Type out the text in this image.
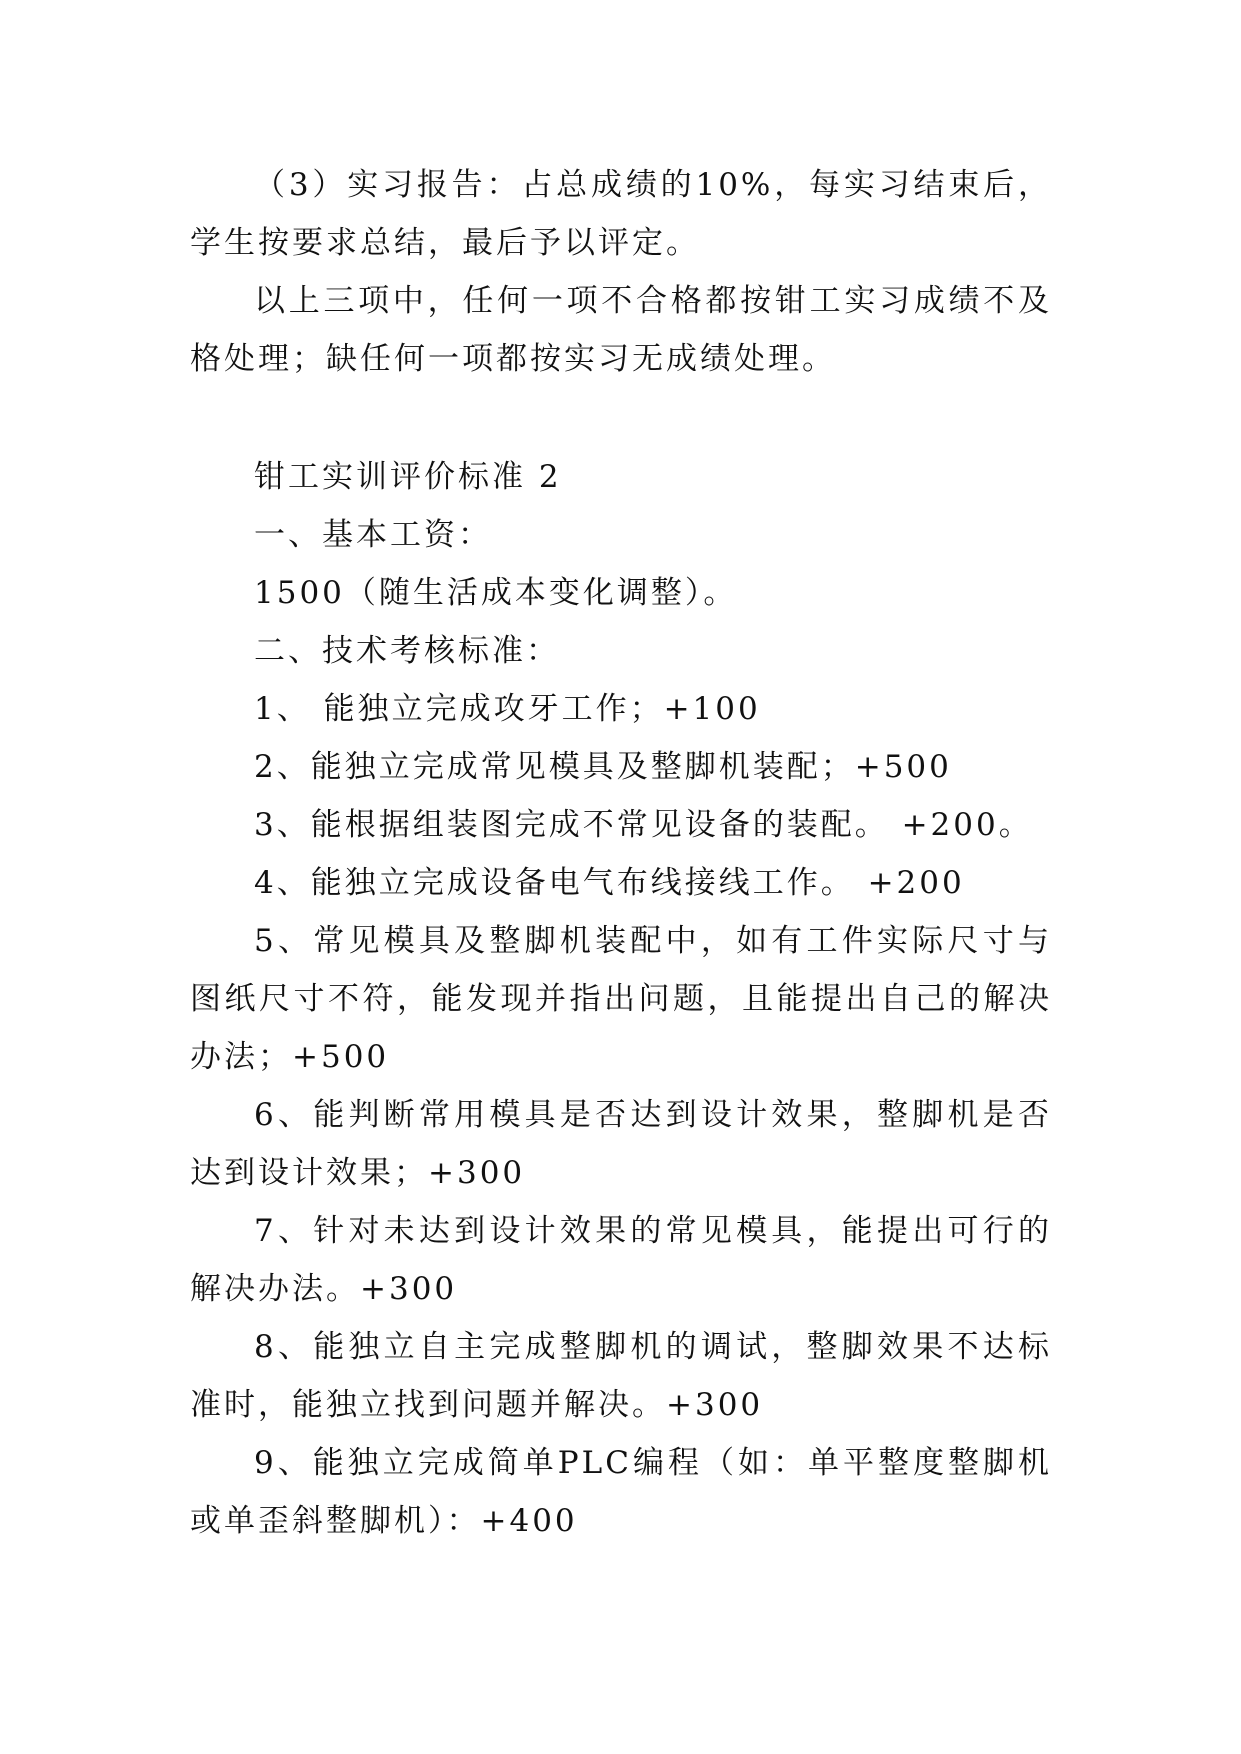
（3）实习报告：占总成绩的10%，每实习结束后，学生按要求总结，最后予以评定。

以上三项中，任何一项不合格都按钳工实习成绩不及格处理；缺任何一项都按实习无成绩处理。

钳工实训评价标准 2

一、基本工资：

1500（随生活成本变化调整）。

二、技术考核标准：

1、 能独立完成攻牙工作；+100

2、能独立完成常见模具及整脚机装配；+500

3、能根据组装图完成不常见设备的装配。 +200。

4、能独立完成设备电气布线接线工作。 +200

5、常见模具及整脚机装配中，如有工件实际尺寸与图纸尺寸不符，能发现并指出问题，且能提出自己的解决办法；+500

6、能判断常用模具是否达到设计效果，整脚机是否达到设计效果；+300

7、针对未达到设计效果的常见模具，能提出可行的解决办法。+300

8、能独立自主完成整脚机的调试，整脚效果不达标准时，能独立找到问题并解决。+300

9、能独立完成简单PLC编程（如：单平整度整脚机或单歪斜整脚机）：+400
